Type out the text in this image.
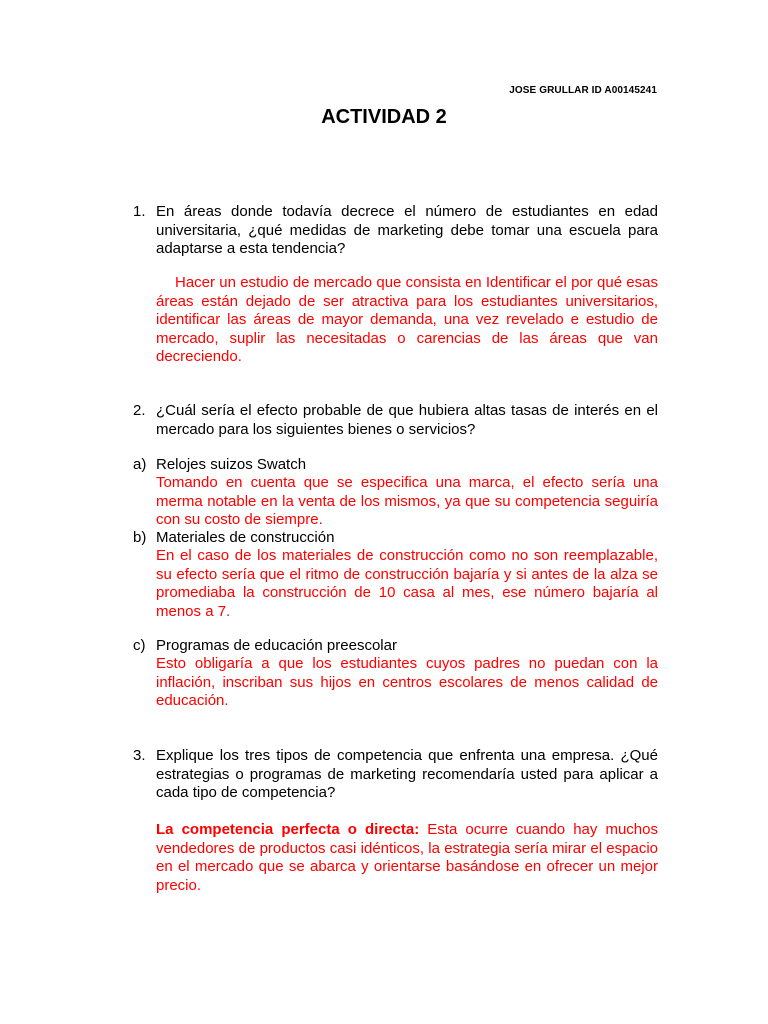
JOSE GRULLAR ID A00145241
ACTIVIDAD 2
1. En áreas donde todavía decrece el número de estudiantes en edad universitaria, ¿qué medidas de marketing debe tomar una escuela para adaptarse a esta tendencia?
Hacer un estudio de mercado que consista en Identificar el por qué esas áreas están dejado de ser atractiva para los estudiantes universitarios, identificar las áreas de mayor demanda, una vez revelado e estudio de mercado, suplir las necesitadas o carencias de las áreas que van decreciendo.
2. ¿Cuál sería el efecto probable de que hubiera altas tasas de interés en el mercado para los siguientes bienes o servicios?
a) Relojes suizos Swatch
Tomando en cuenta que se especifica una marca, el efecto sería una merma notable en la venta de los mismos, ya que su competencia seguiría con su costo de siempre.
b) Materiales de construcción
En el caso de los materiales de construcción como no son reemplazable, su efecto sería que el ritmo de construcción bajaría y si antes de la alza se promediaba la construcción de 10 casa al mes, ese número bajaría al menos a 7.
c) Programas de educación preescolar
Esto obligaría a que los estudiantes cuyos padres no puedan con la inflación, inscriban sus hijos en centros escolares de menos calidad de educación.
3. Explique los tres tipos de competencia que enfrenta una empresa. ¿Qué estrategias o programas de marketing recomendaría usted para aplicar a cada tipo de competencia?
La competencia perfecta o directa: Esta ocurre cuando hay muchos vendedores de productos casi idénticos, la estrategia sería mirar el espacio en el mercado que se abarca y orientarse basándose en ofrecer un mejor precio.
